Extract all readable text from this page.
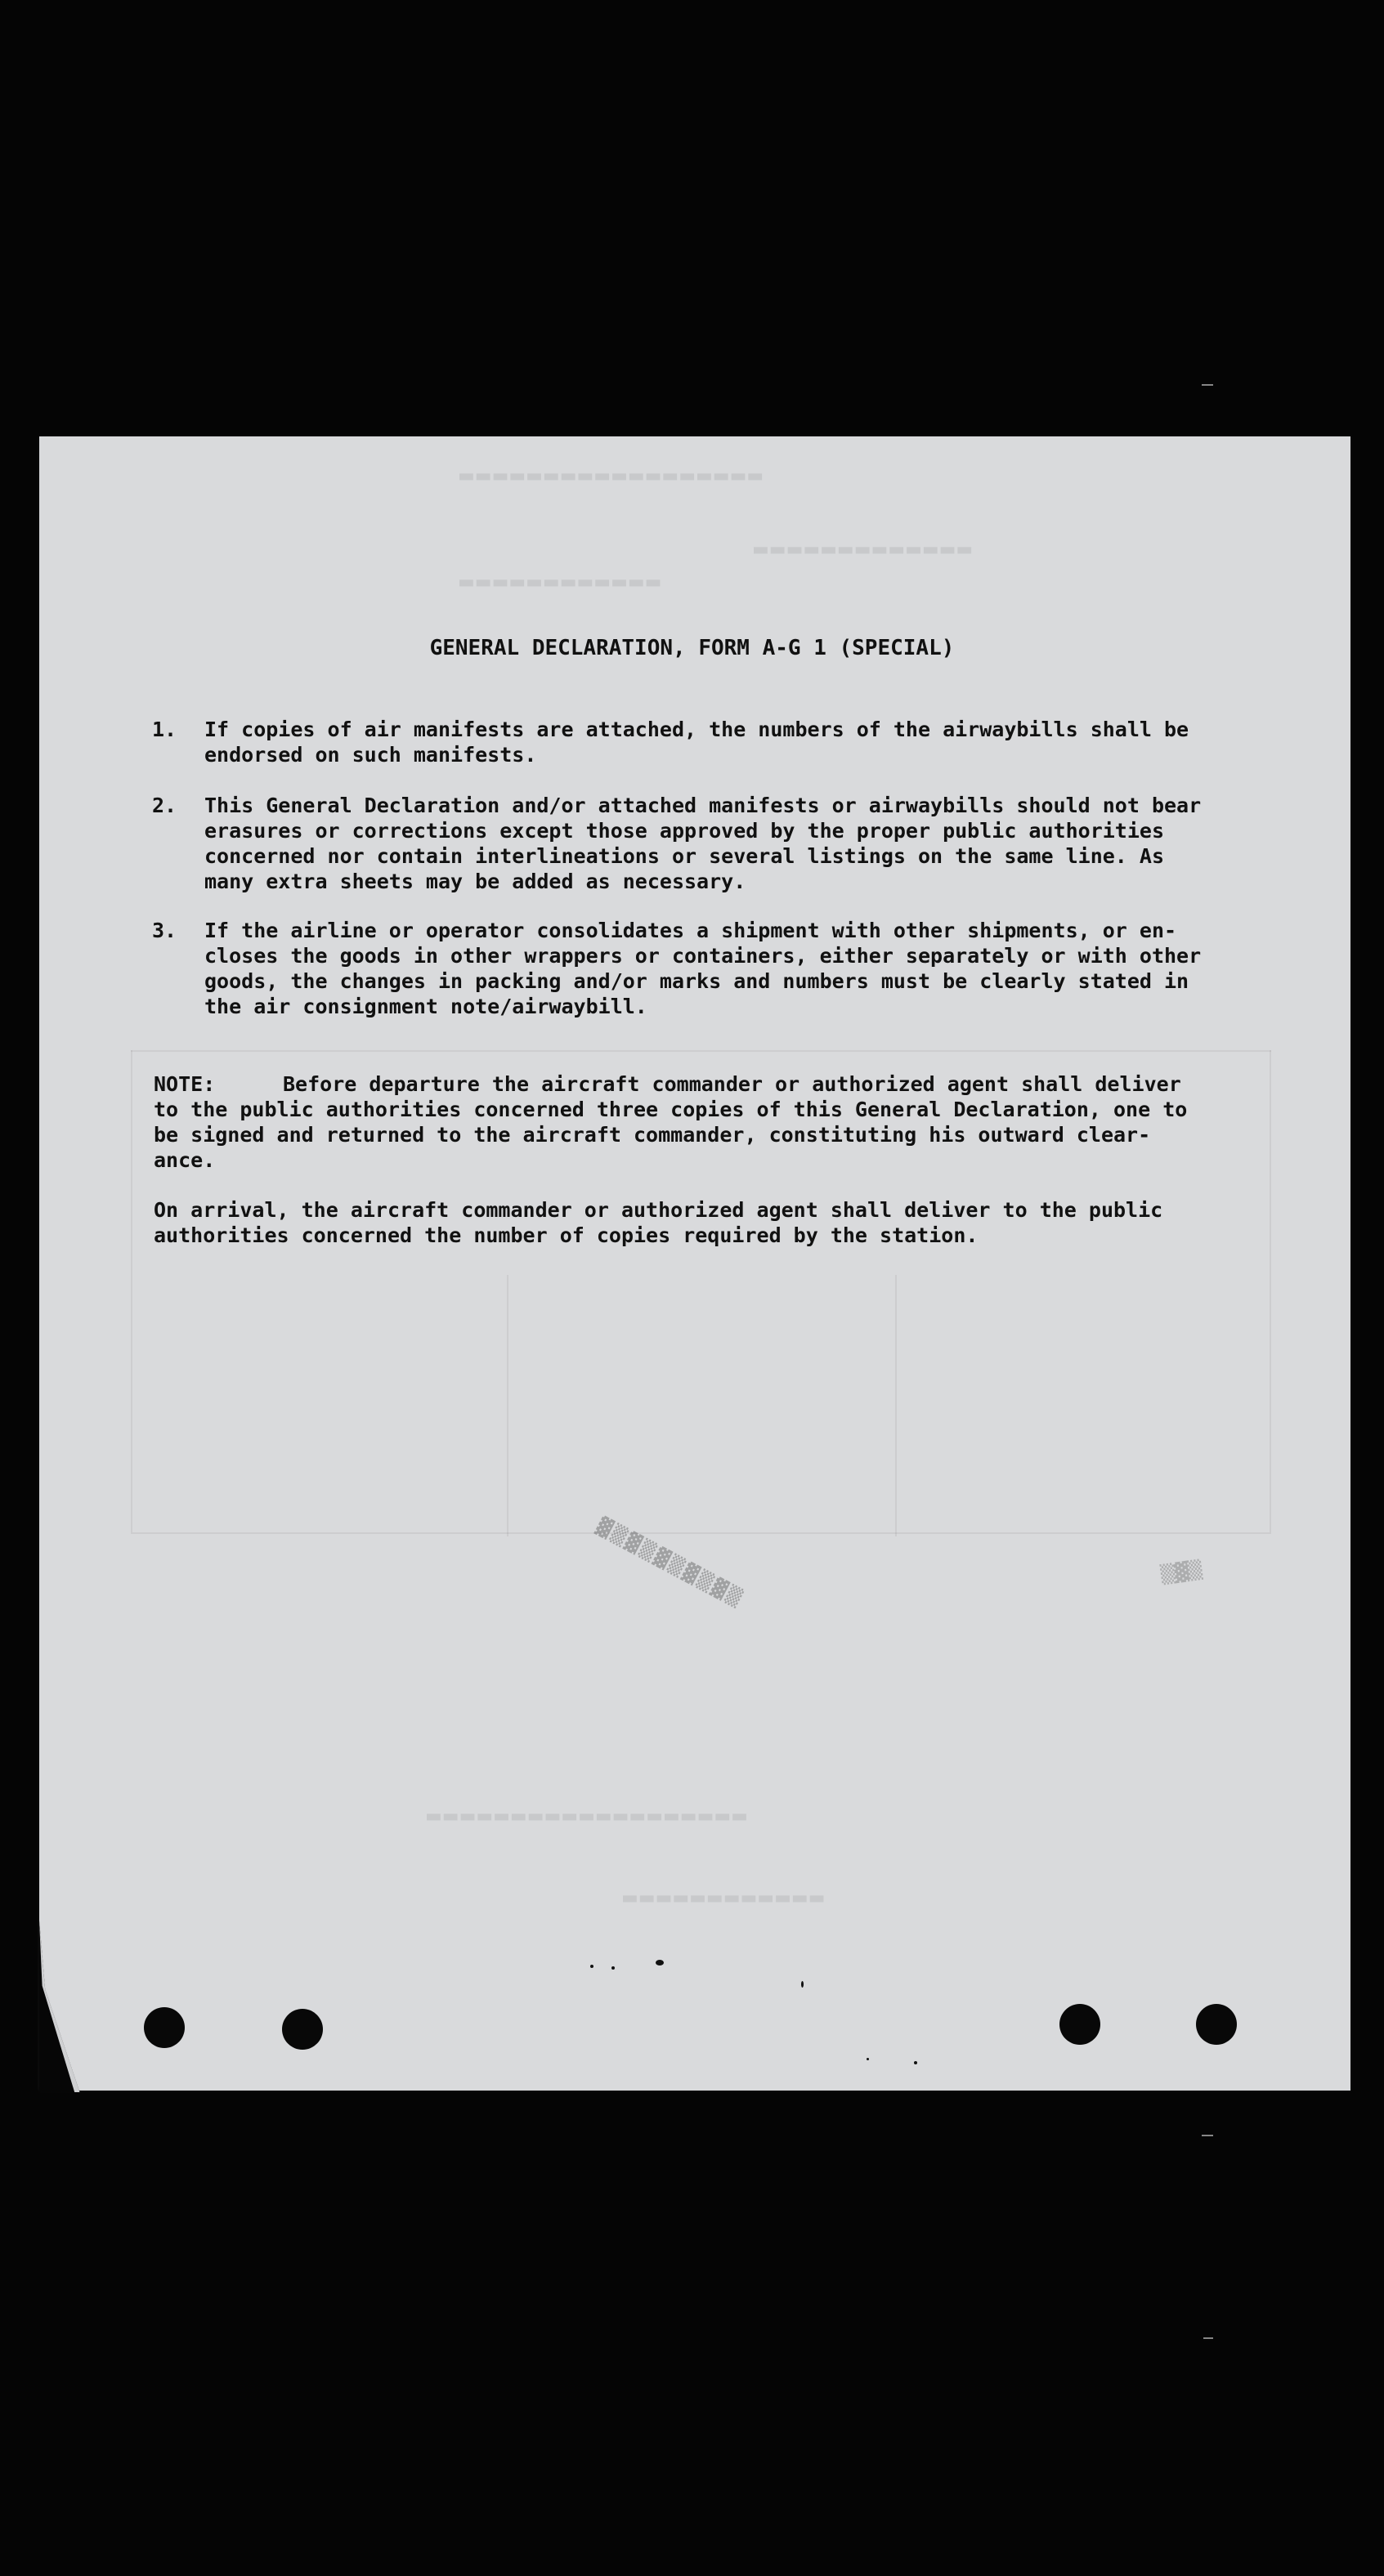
▬▬▬▬▬▬▬▬▬▬▬▬▬▬▬▬▬▬
▬▬▬▬▬▬▬▬▬▬▬▬▬
▬▬▬▬▬▬▬▬▬▬▬▬
▬▬▬▬▬▬▬▬▬▬▬▬▬▬▬▬▬▬▬
▬▬▬▬▬▬▬▬▬▬▬▬
GENERAL DECLARATION, FORM A-G 1 (SPECIAL)
1.	If copies of air manifests are attached, the numbers of the airwaybills shall be
endorsed on such manifests.
2.	This General Declaration and/or attached manifests or airwaybills should not bear
erasures or corrections except those approved by the proper public authorities
concerned nor contain interlineations or several listings on the same line. As
many extra sheets may be added as necessary.
3.	If the airline or operator consolidates a shipment with other shipments, or en-
closes the goods in other wrappers or containers, either separately or with other
goods, the changes in packing and/or marks and numbers must be clearly stated in
the air consignment note/airwaybill.
NOTE:	Before departure the aircraft commander or authorized agent shall deliver
to the public authorities concerned three copies of this General Declaration, one to
be signed and returned to the aircraft commander, constituting his outward clear-
ance.
On arrival, the aircraft commander or authorized agent shall deliver to the public
authorities concerned the number of copies required by the station.
▓▒▓▒▓▒▓▒▓▒	▒▓▒
